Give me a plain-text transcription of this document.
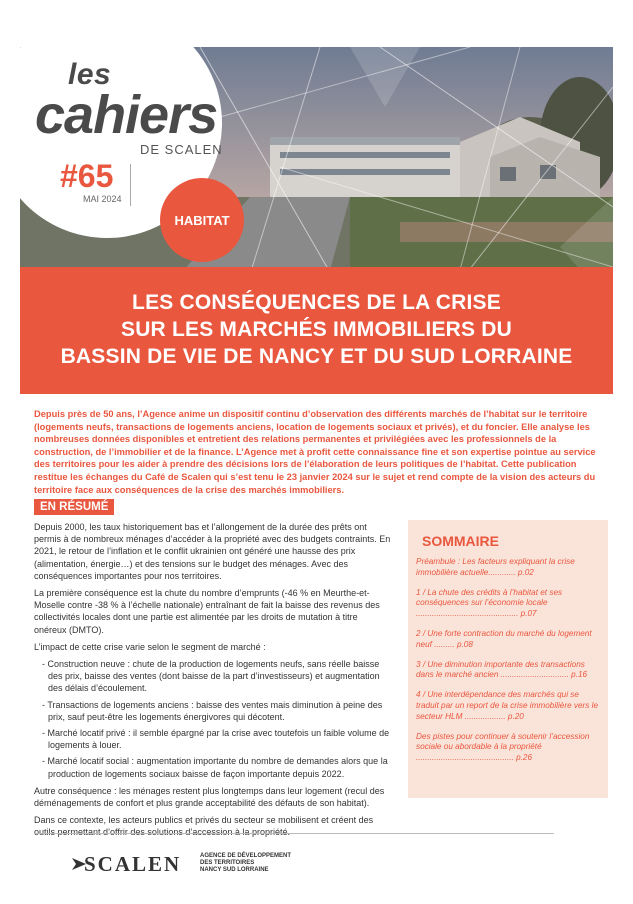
les
cahiers
DE SCALEN
#65
MAI 2024
HABITAT
LES CONSÉQUENCES DE LA CRISE
SUR LES MARCHÉS IMMOBILIERS DU
BASSIN DE VIE DE NANCY ET DU SUD LORRAINE
Depuis près de 50 ans, l’Agence anime un dispositif continu d’observation des différents marchés de l’habitat sur le territoire (logements neufs, transactions de logements anciens, location de logements sociaux et privés), et du foncier. Elle analyse les nombreuses données disponibles et entretient des relations permanentes et privilégiées avec les professionnels de la construction, de l’immobilier et de la finance. L’Agence met à profit cette connaissance fine et son expertise pointue au service des territoires pour les aider à prendre des décisions lors de l’élaboration de leurs politiques de l’habitat. Cette publication restitue les échanges du Café de Scalen qui s’est tenu le 23 janvier 2024 sur le sujet et rend compte de la vision des acteurs du territoire face aux conséquences de la crise des marchés immobiliers.
EN RÉSUMÉ

Depuis 2000, les taux historiquement bas et l’allongement de la durée des prêts ont permis à de nombreux ménages d’accéder à la propriété avec des budgets contraints. En 2021, le retour de l’inflation et le conflit ukrainien ont généré une hausse des prix (alimentation, énergie…) et des tensions sur le budget des ménages. Avec des conséquences importantes pour nos territoires.

La première conséquence est la chute du nombre d’emprunts (-46 % en Meurthe-et-Moselle contre -38 % à l’échelle nationale) entraînant de fait la baisse des revenus des collectivités locales dont une partie est alimentée par les droits de mutation à titre onéreux (DMTO).

L’impact de cette crise varie selon le segment de marché :

- Construction neuve : chute de la production de logements neufs, sans réelle baisse des prix, baisse des ventes (dont baisse de la part d’investisseurs) et augmentation des délais d’écoulement.
- Transactions de logements anciens : baisse des ventes mais diminution à peine des prix, sauf peut-être les logements énergivores qui décotent.
- Marché locatif privé : il semble épargné par la crise avec toutefois un faible volume de logements à louer.
- Marché locatif social : augmentation importante du nombre de demandes alors que la production de logements sociaux baisse de façon importante depuis 2022.

Autre conséquence : les ménages restent plus longtemps dans leur logement (recul des déménagements de confort et plus grande acceptabilité des défauts de son habitat).

Dans ce contexte, les acteurs publics et privés du secteur se mobilisent et créent des

SOMMAIRE
Préambule : Les facteurs expliquant la crise immobilière actuelle............ p.02
1 / La chute des crédits à l’habitat et ses conséquences sur l’économie locale ............................................. p.07
2 / Une forte contraction du marché du logement neuf ......... p.08
3 / Une diminution importante des transactions dans le marché ancien .............................. p.16
4 / Une interdépendance des marchés qui se traduit par un report de la crise immobilière vers le secteur HLM .................. p.20
Des pistes pour continuer à soutenir l’accession sociale ou abordable à la propriété ........................................... p.26
SCALEN	AGENCE DE DÉVELOPPEMENT
DES TERRITOIRES
NANCY SUD LORRAINE
